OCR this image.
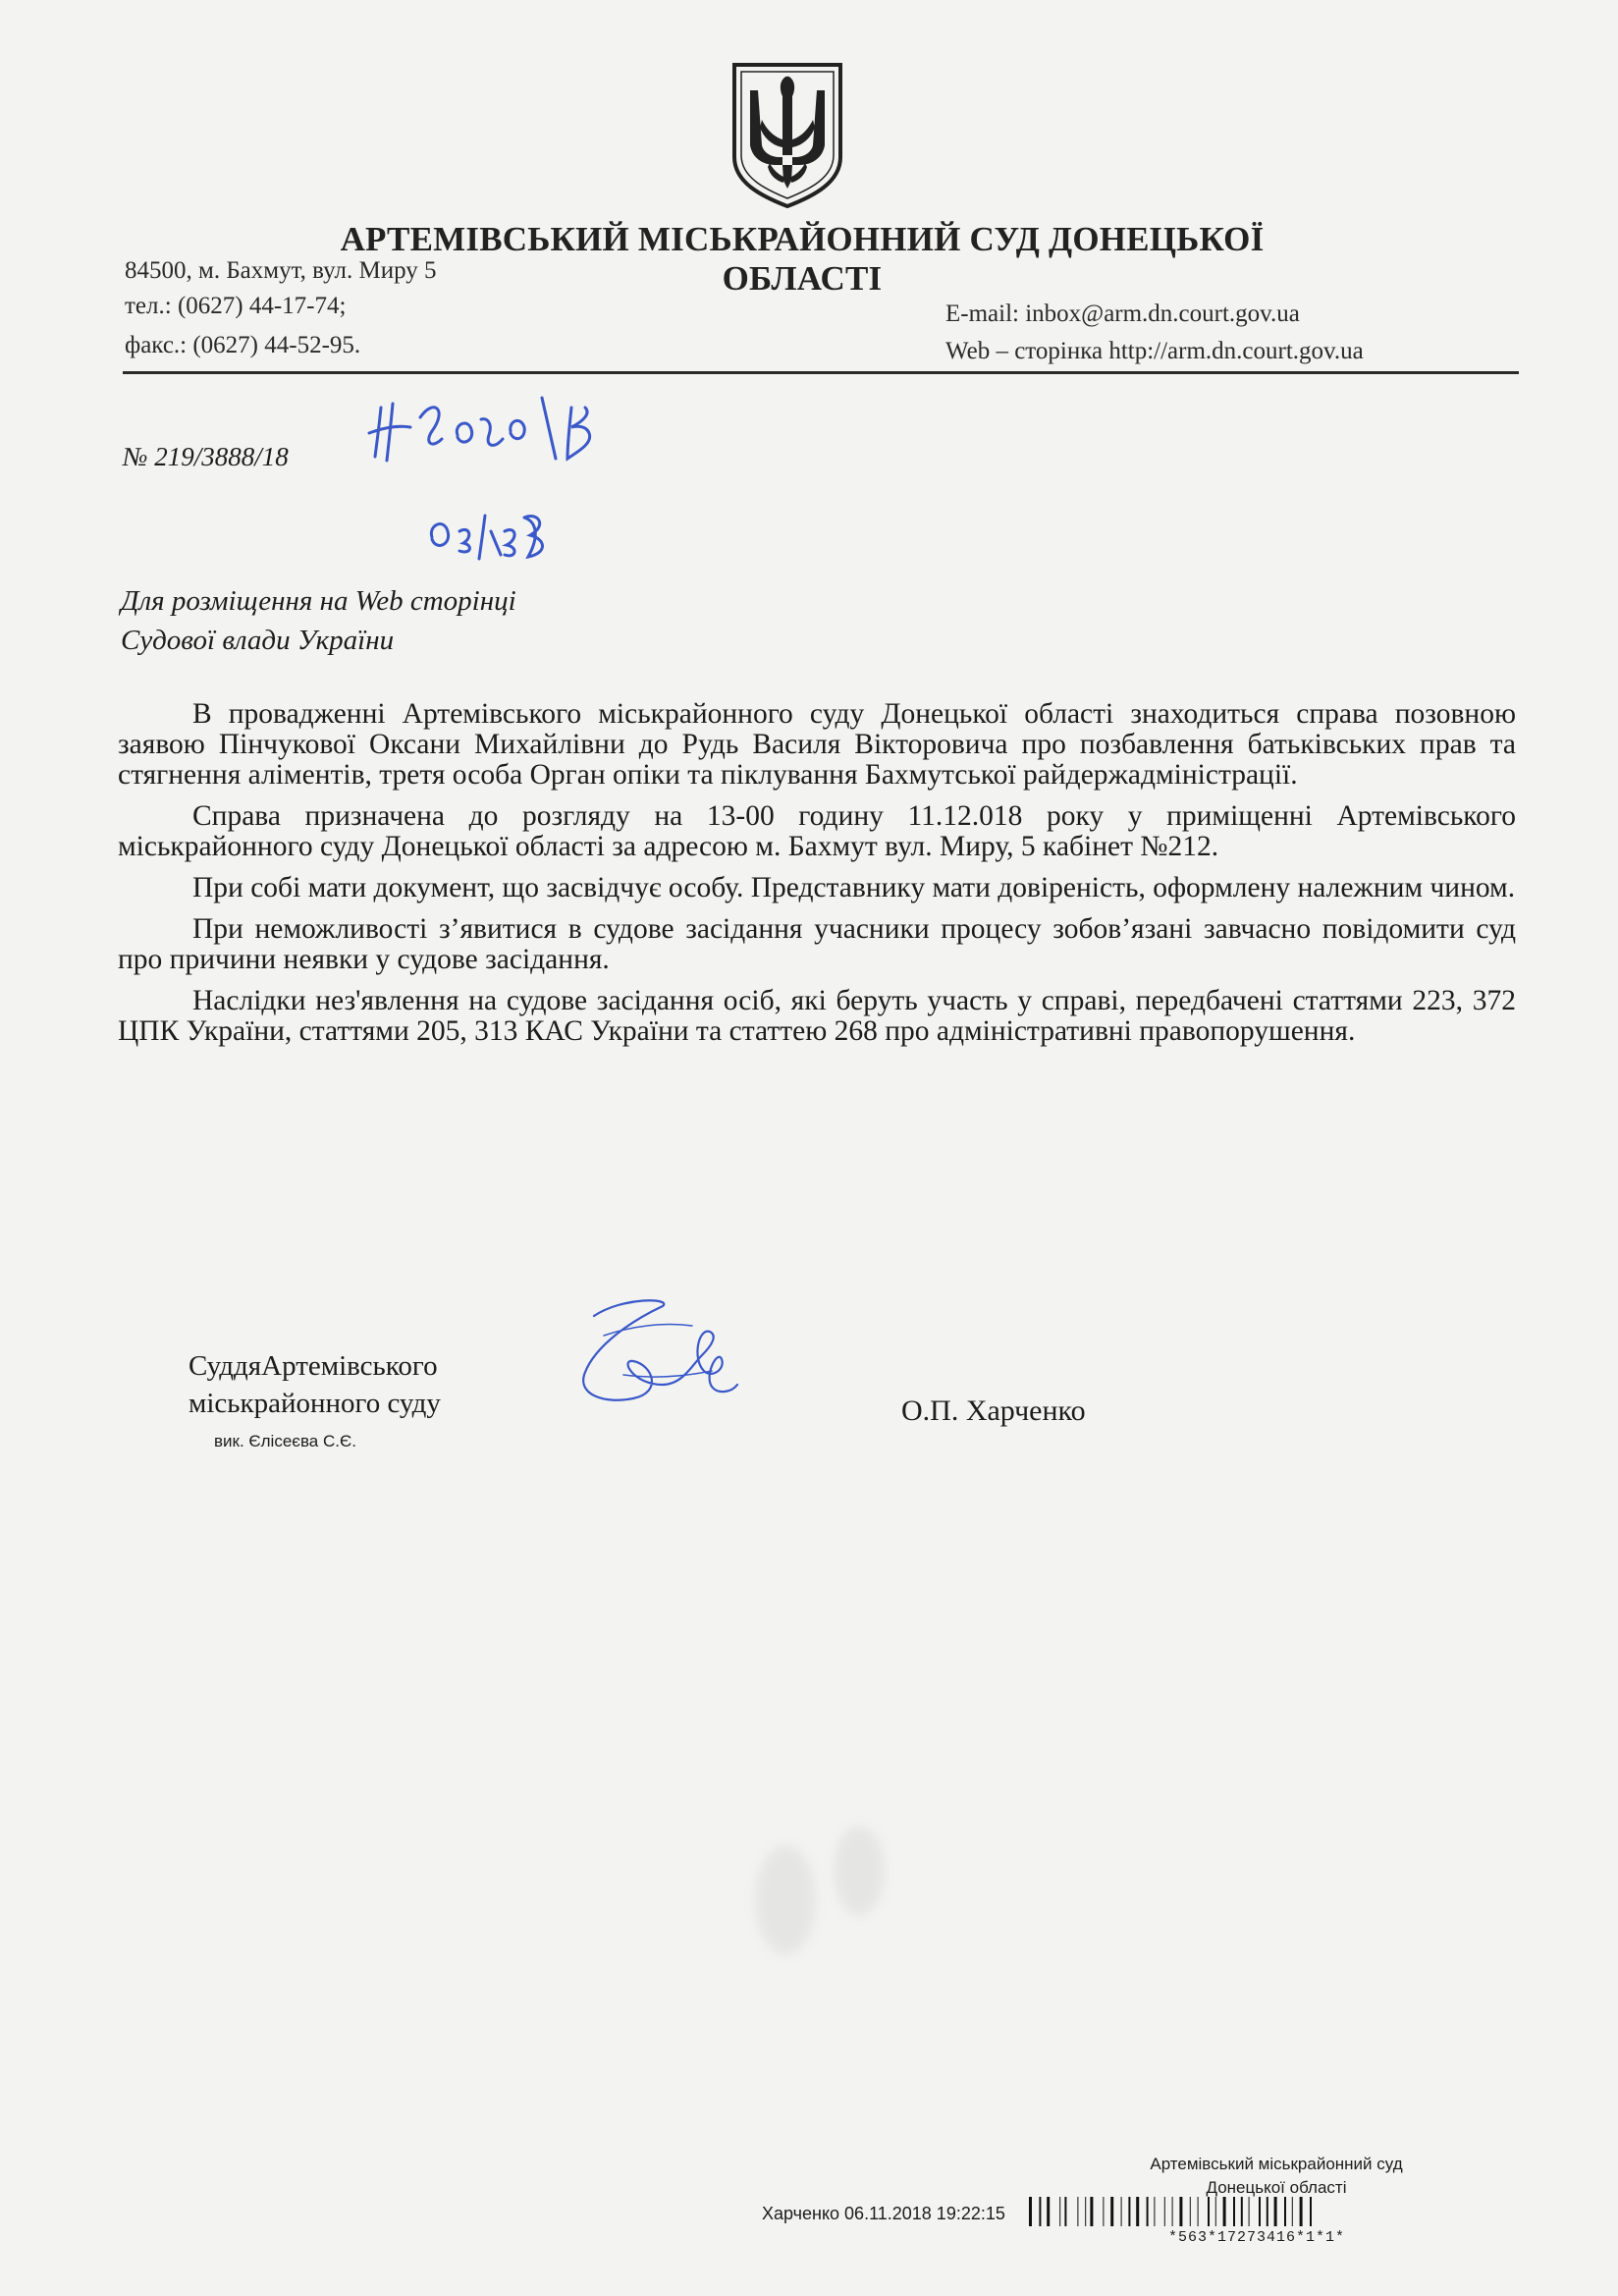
АРТЕМІВСЬКИЙ МІСЬКРАЙОННИЙ СУД ДОНЕЦЬКОЇ ОБЛАСТІ
84500, м. Бахмут, вул. Миру 5
тел.: (0627) 44-17-74;
факс.: (0627) 44-52-95.
E-mail: inbox@arm.dn.court.gov.ua
Web – сторінка http://arm.dn.court.gov.ua
№ 219/3888/18
Для розміщення на Web сторінці
Судової влади України

В провадженні Артемівського міськрайонного суду Донецької області знаходиться справа позовною заявою Пінчукової Оксани Михайлівни до Рудь Василя Вікторовича про позбавлення батьківських прав та стягнення аліментів, третя особа Орган опіки та піклування Бахмутської райдержадміністрації.

Справа призначена до розгляду на 13-00 годину 11.12.018 року у приміщенні Артемівського міськрайонного суду Донецької області за адресою м. Бахмут вул. Миру, 5 кабінет №212.

При собі мати документ, що засвідчує особу. Представнику мати довіреність, оформлену належним чином.

При неможливості з’явитися в судове засідання учасники процесу зобов’язані завчасно повідомити суд про причини неявки у судове засідання.

Наслідки нез'явлення на судове засідання осіб, які беруть участь у справі, передбачені статтями 223, 372 ЦПК України, статтями 205, 313 КАС України та статтею 268 про адміністративні правопорушення.

СуддяАртемівського
міськрайонного суду
вик. Єлісеєва С.Є.
О.П. Харченко
Артемівський міськрайонний суд
Донецької області
Харченко 06.11.2018 19:22:15
*563*17273416*1*1*
